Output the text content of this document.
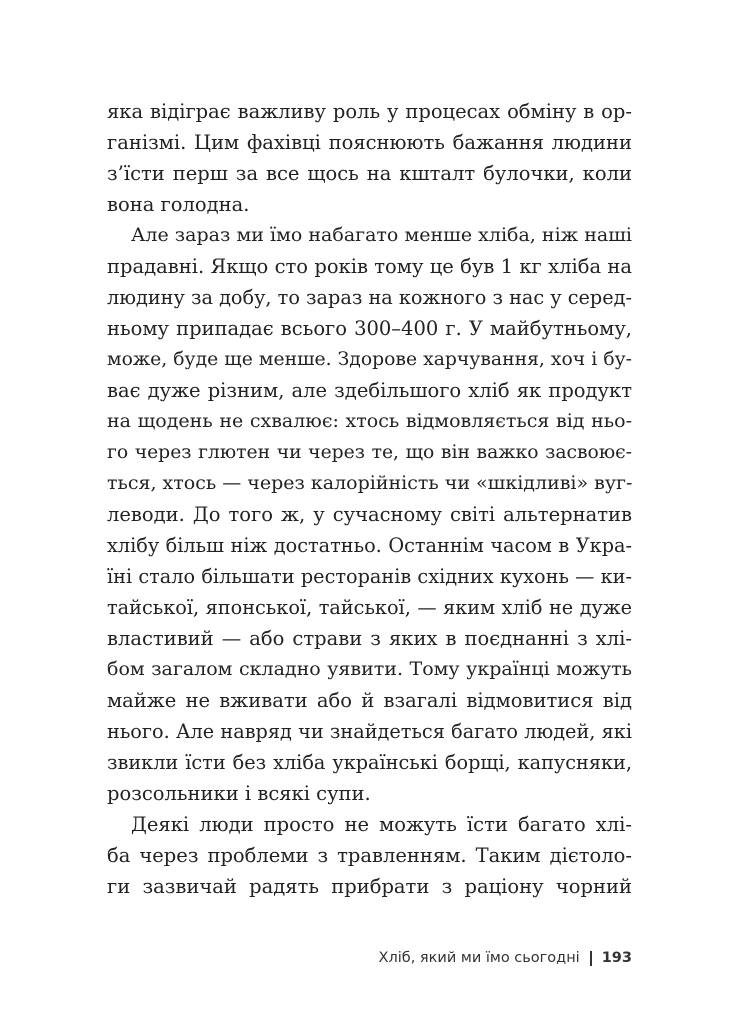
яка відіграє важливу роль у процесах обміну в ор-
ганізмі. Цим фахівці пояснюють бажання людини
з’їсти перш за все щось на кшталт булочки, коли
вона голодна.
Але зараз ми їмо набагато менше хліба, ніж наші
прадавні. Якщо сто років тому це був 1 кг хліба на
людину за добу, то зараз на кожного з нас у серед-
ньому припадає всього 300–400 г. У майбутньому,
може, буде ще менше. Здорове харчування, хоч і бу-
ває дуже різним, але здебільшого хліб як продукт
на щодень не схвалює: хтось відмовляється від ньо-
го через глютен чи через те, що він важко засвоює-
ться, хтось — через калорійність чи «шкідливі» вуг-
леводи. До того ж, у сучасному світі альтернатив
хлібу більш ніж достатньо. Останнім часом в Укра-
їні стало більшати ресторанів східних кухонь — ки-
тайської, японської, тайської, — яким хліб не дуже
властивий — або страви з яких в поєднанні з хлі-
бом загалом складно уявити. Тому українці можуть
майже не вживати або й взагалі відмовитися від
нього. Але навряд чи знайдеться багато людей, які
звикли їсти без хліба українські борщі, капусняки,
розсольники і всякі супи.
Деякі люди просто не можуть їсти багато хлі-
ба через проблеми з травленням. Таким дієтоло-
ги зазвичай радять прибрати з раціону чорний
Хліб, який ми їмо сьогодні 193
